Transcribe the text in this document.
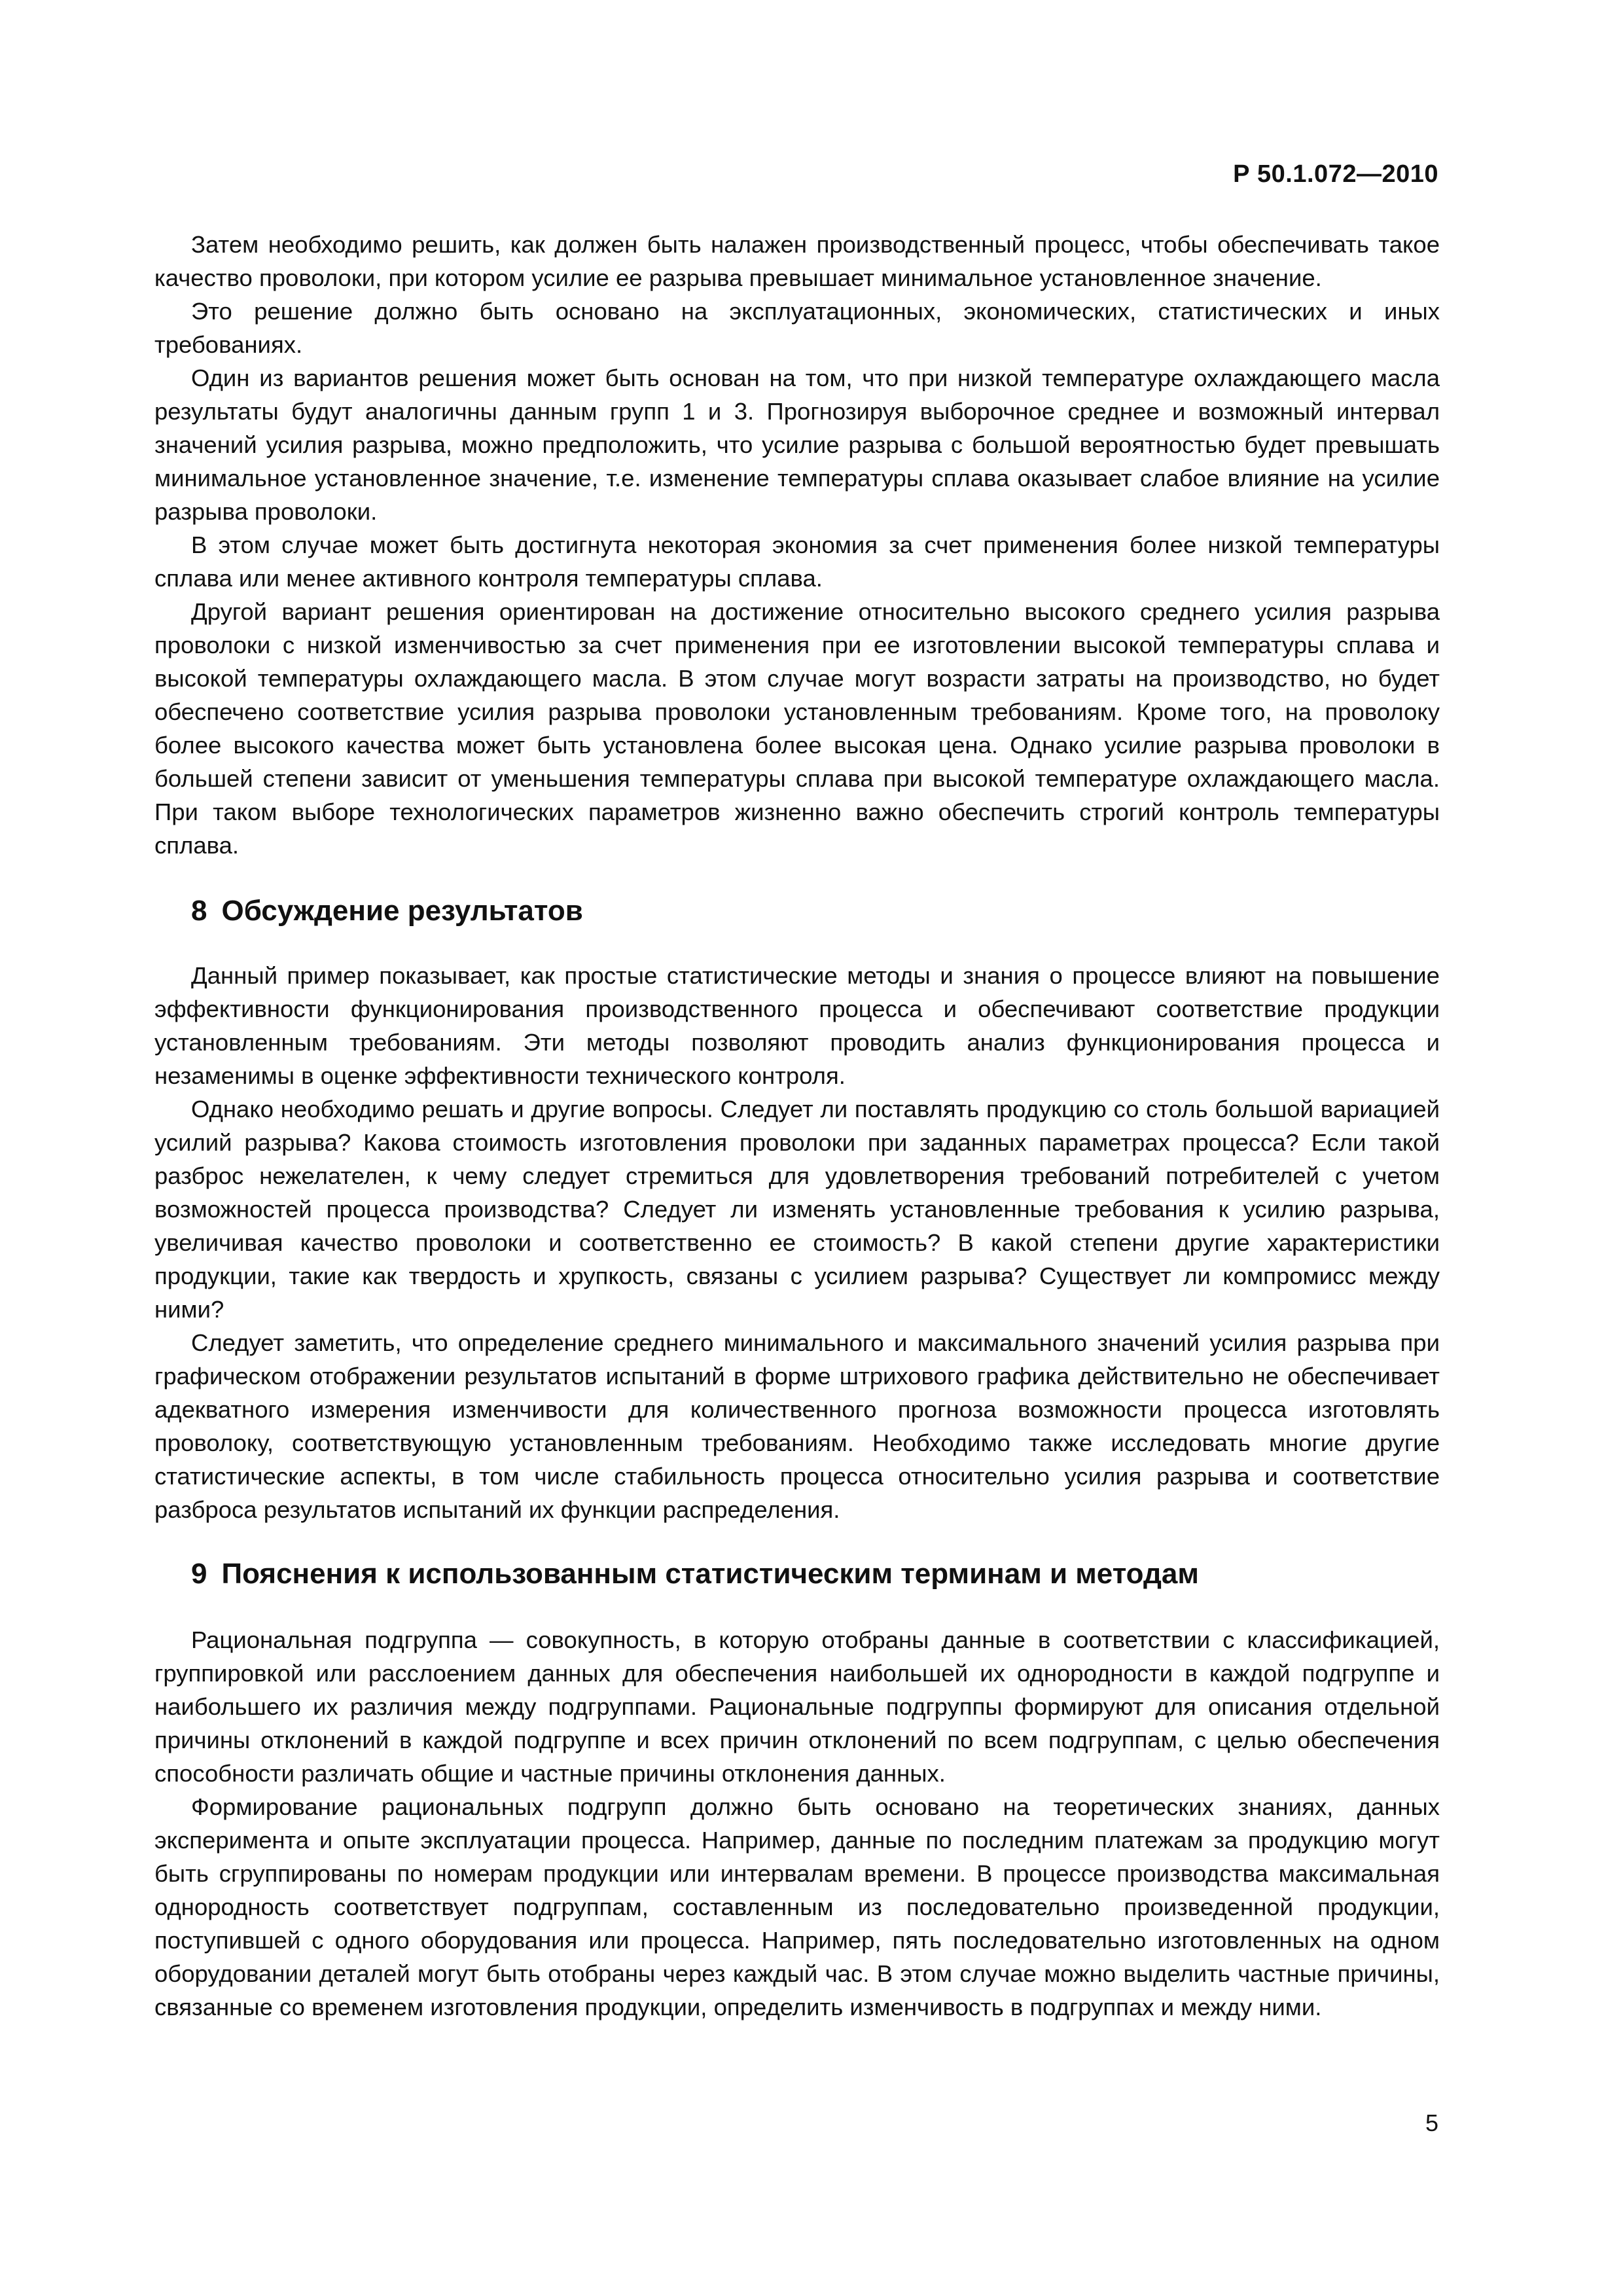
Р 50.1.072—2010

Затем необходимо решить, как должен быть налажен производственный процесс, чтобы обеспечивать такое качество проволоки, при котором усилие ее разрыва превышает минимальное установленное значение.

Это решение должно быть основано на эксплуатационных, экономических, статистических и иных требованиях.

Один из вариантов решения может быть основан на том, что при низкой температуре охлаждающего масла результаты будут аналогичны данным групп 1 и 3. Прогнозируя выборочное среднее и возможный интервал значений усилия разрыва, можно предположить, что усилие разрыва с большой вероятностью будет превышать минимальное установленное значение, т.е. изменение температуры сплава оказывает слабое влияние на усилие разрыва проволоки.

В этом случае может быть достигнута некоторая экономия за счет применения более низкой температуры сплава или менее активного контроля температуры сплава.

Другой вариант решения ориентирован на достижение относительно высокого среднего усилия разрыва проволоки с низкой изменчивостью за счет применения при ее изготовлении высокой температуры сплава и высокой температуры охлаждающего масла. В этом случае могут возрасти затраты на производство, но будет обеспечено соответствие усилия разрыва проволоки установленным требованиям. Кроме того, на проволоку более высокого качества может быть установлена более высокая цена. Однако усилие разрыва проволоки в большей степени зависит от уменьшения температуры сплава при высокой температуре охлаждающего масла. При таком выборе технологических параметров жизненно важно обеспечить строгий контроль температуры сплава.

8 Обсуждение результатов

Данный пример показывает, как простые статистические методы и знания о процессе влияют на повышение эффективности функционирования производственного процесса и обеспечивают соответствие продукции установленным требованиям. Эти методы позволяют проводить анализ функционирования процесса и незаменимы в оценке эффективности технического контроля.

Однако необходимо решать и другие вопросы. Следует ли поставлять продукцию со столь большой вариацией усилий разрыва? Какова стоимость изготовления проволоки при заданных параметрах процесса? Если такой разброс нежелателен, к чему следует стремиться для удовлетворения требований потребителей с учетом возможностей процесса производства? Следует ли изменять установленные требования к усилию разрыва, увеличивая качество проволоки и соответственно ее стоимость? В какой степени другие характеристики продукции, такие как твердость и хрупкость, связаны с усилием разрыва? Существует ли компромисс между ними?

Следует заметить, что определение среднего минимального и максимального значений усилия разрыва при графическом отображении результатов испытаний в форме штрихового графика действительно не обеспечивает адекватного измерения изменчивости для количественного прогноза возможности процесса изготовлять проволоку, соответствующую установленным требованиям. Необходимо также исследовать многие другие статистические аспекты, в том числе стабильность процесса относительно усилия разрыва и соответствие разброса результатов испытаний их функции распределения.

9 Пояснения к использованным статистическим терминам и методам

Рациональная подгруппа — совокупность, в которую отобраны данные в соответствии с классификацией, группировкой или расслоением данных для обеспечения наибольшей их однородности в каждой подгруппе и наибольшего их различия между подгруппами. Рациональные подгруппы формируют для описания отдельной причины отклонений в каждой подгруппе и всех причин отклонений по всем подгруппам, с целью обеспечения способности различать общие и частные причины отклонения данных.

Формирование рациональных подгрупп должно быть основано на теоретических знаниях, данных эксперимента и опыте эксплуатации процесса. Например, данные по последним платежам за продукцию могут быть сгруппированы по номерам продукции или интервалам времени. В процессе производства максимальная однородность соответствует подгруппам, составленным из последовательно произведенной продукции, поступившей с одного оборудования или процесса. Например, пять последовательно изготовленных на одном оборудовании деталей могут быть отобраны через каждый час. В этом случае можно выделить частные причины, связанные со временем изготовления продукции, определить изменчивость в подгруппах и между ними.

5
